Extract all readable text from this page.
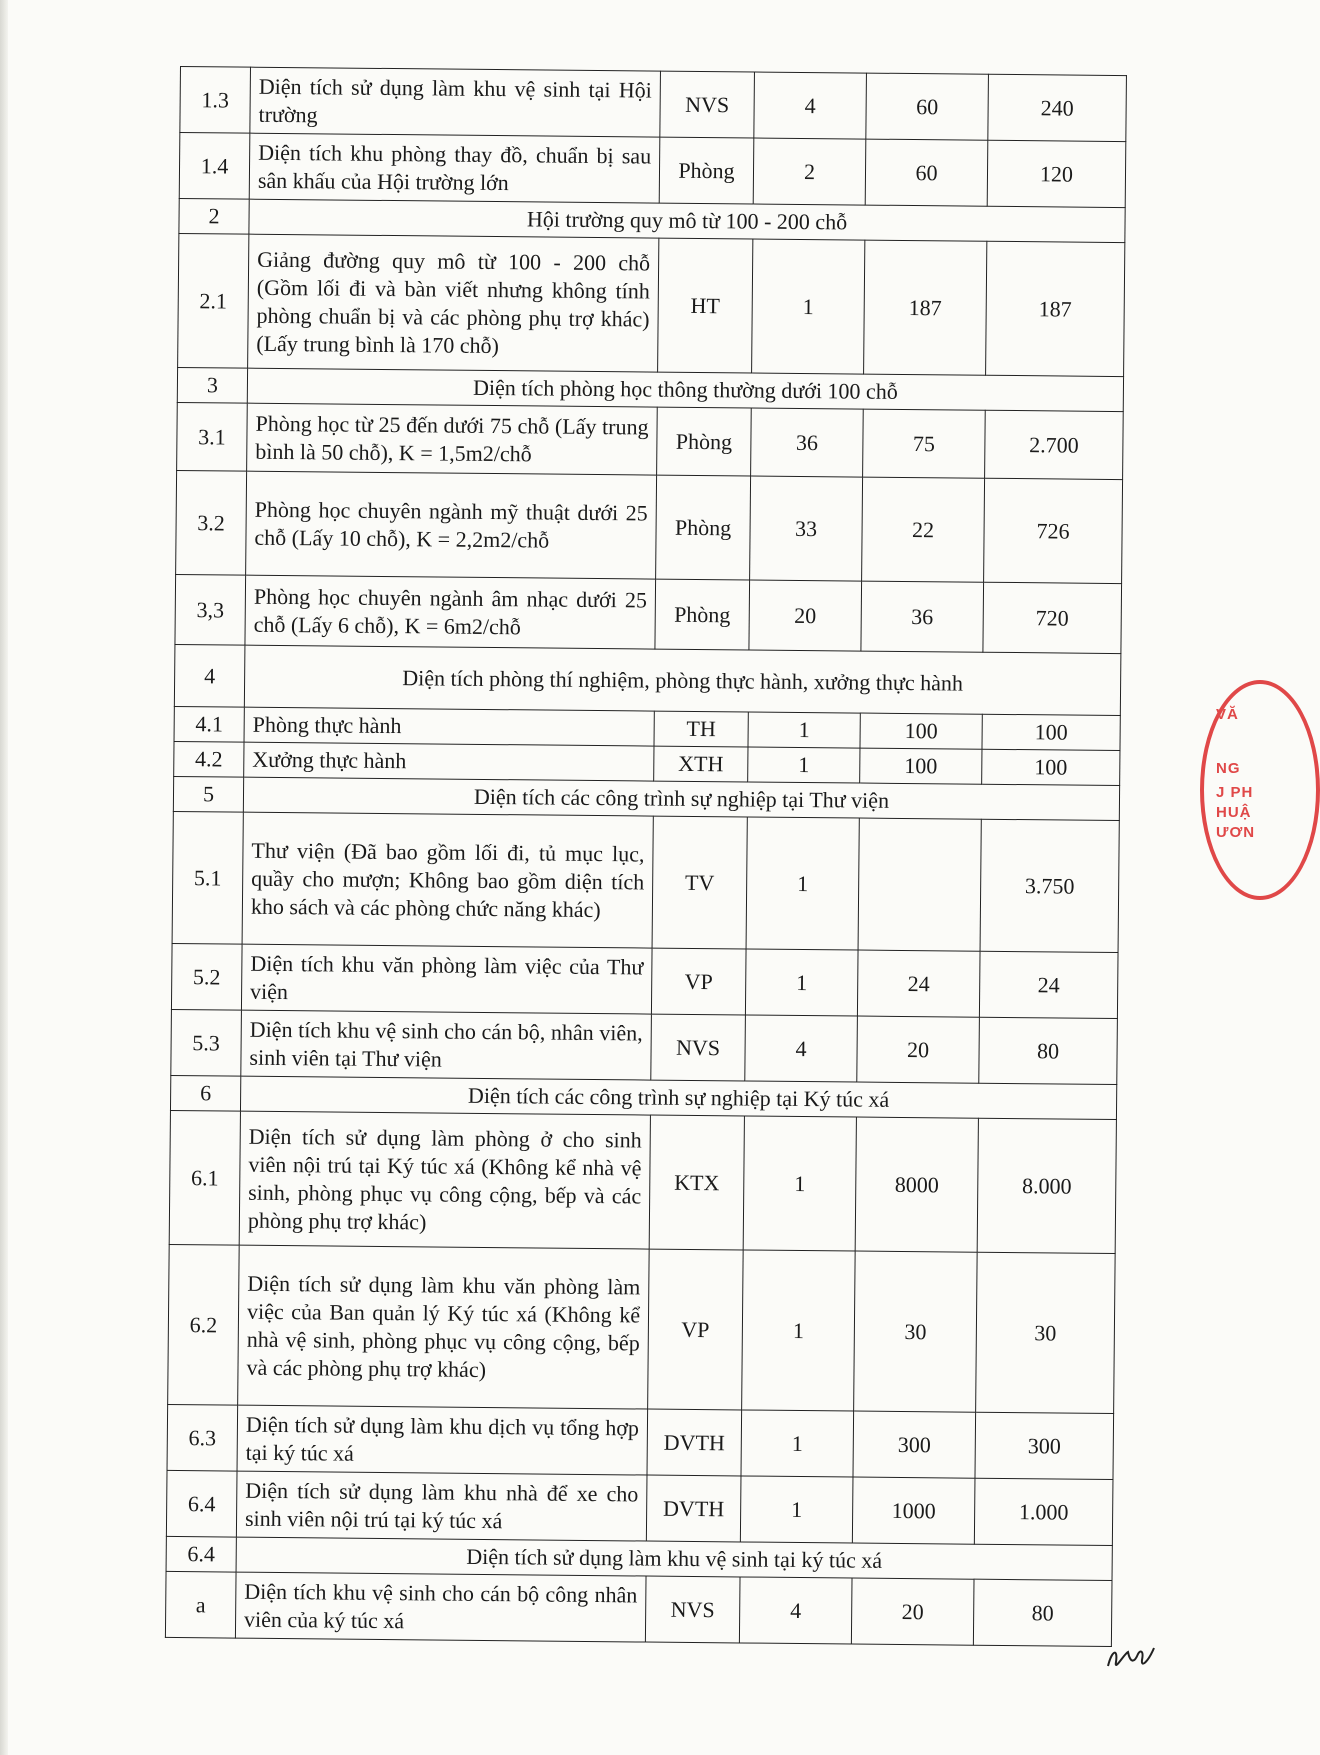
1.3	Diện tích sử dụng làm khu vệ sinh tại Hội trường	NVS	4	60	240
1.4	Diện tích khu phòng thay đồ, chuẩn bị sau sân khấu của Hội trường lớn	Phòng	2	60	120
2	Hội trường quy mô từ 100 - 200 chỗ				
2.1	Giảng đường quy mô từ 100 - 200 chỗ (Gồm lối đi và bàn viết nhưng không tính phòng chuẩn bị và các phòng phụ trợ khác) (Lấy trung bình là 170 chỗ)	HT	1	187	187
3	Diện tích phòng học thông thường dưới 100 chỗ				
3.1	Phòng học từ 25 đến dưới 75 chỗ (Lấy trung bình là 50 chỗ), K = 1,5m2/chỗ	Phòng	36	75	2.700
3.2	Phòng học chuyên ngành mỹ thuật dưới 25 chỗ (Lấy 10 chỗ), K = 2,2m2/chỗ	Phòng	33	22	726
3,3	Phòng học chuyên ngành âm nhạc dưới 25 chỗ (Lấy 6 chỗ), K = 6m2/chỗ	Phòng	20	36	720
4	Diện tích phòng thí nghiệm, phòng thực hành, xưởng thực hành				
4.1	Phòng thực hành	TH	1	100	100
4.2	Xưởng thực hành	XTH	1	100	100
5	Diện tích các công trình sự nghiệp tại Thư viện				
5.1	Thư viện (Đã bao gồm lối đi, tủ mục lục, quầy cho mượn; Không bao gồm diện tích kho sách và các phòng chức năng khác)	TV	1		3.750
5.2	Diện tích khu văn phòng làm việc của Thư viện	VP	1	24	24
5.3	Diện tích khu vệ sinh cho cán bộ, nhân viên, sinh viên tại Thư viện	NVS	4	20	80
6	Diện tích các công trình sự nghiệp tại Ký túc xá				
6.1	Diện tích sử dụng làm phòng ở cho sinh viên nội trú tại Ký túc xá (Không kể nhà vệ sinh, phòng phục vụ công cộng, bếp và các phòng phụ trợ khác)	KTX	1	8000	8.000
6.2	Diện tích sử dụng làm khu văn phòng làm việc của Ban quản lý Ký túc xá (Không kể nhà vệ sinh, phòng phục vụ công cộng, bếp và các phòng phụ trợ khác)	VP	1	30	30
6.3	Diện tích sử dụng làm khu dịch vụ tổng hợp tại ký túc xá	DVTH	1	300	300
6.4	Diện tích sử dụng làm khu nhà để xe cho sinh viên nội trú tại ký túc xá	DVTH	1	1000	1.000
6.4	Diện tích sử dụng làm khu vệ sinh tại ký túc xá				
a	Diện tích khu vệ sinh cho cán bộ công nhân viên của ký túc xá	NVS	4	20	80
VĂ
NG
J PH
HUẬ
ƯƠN
